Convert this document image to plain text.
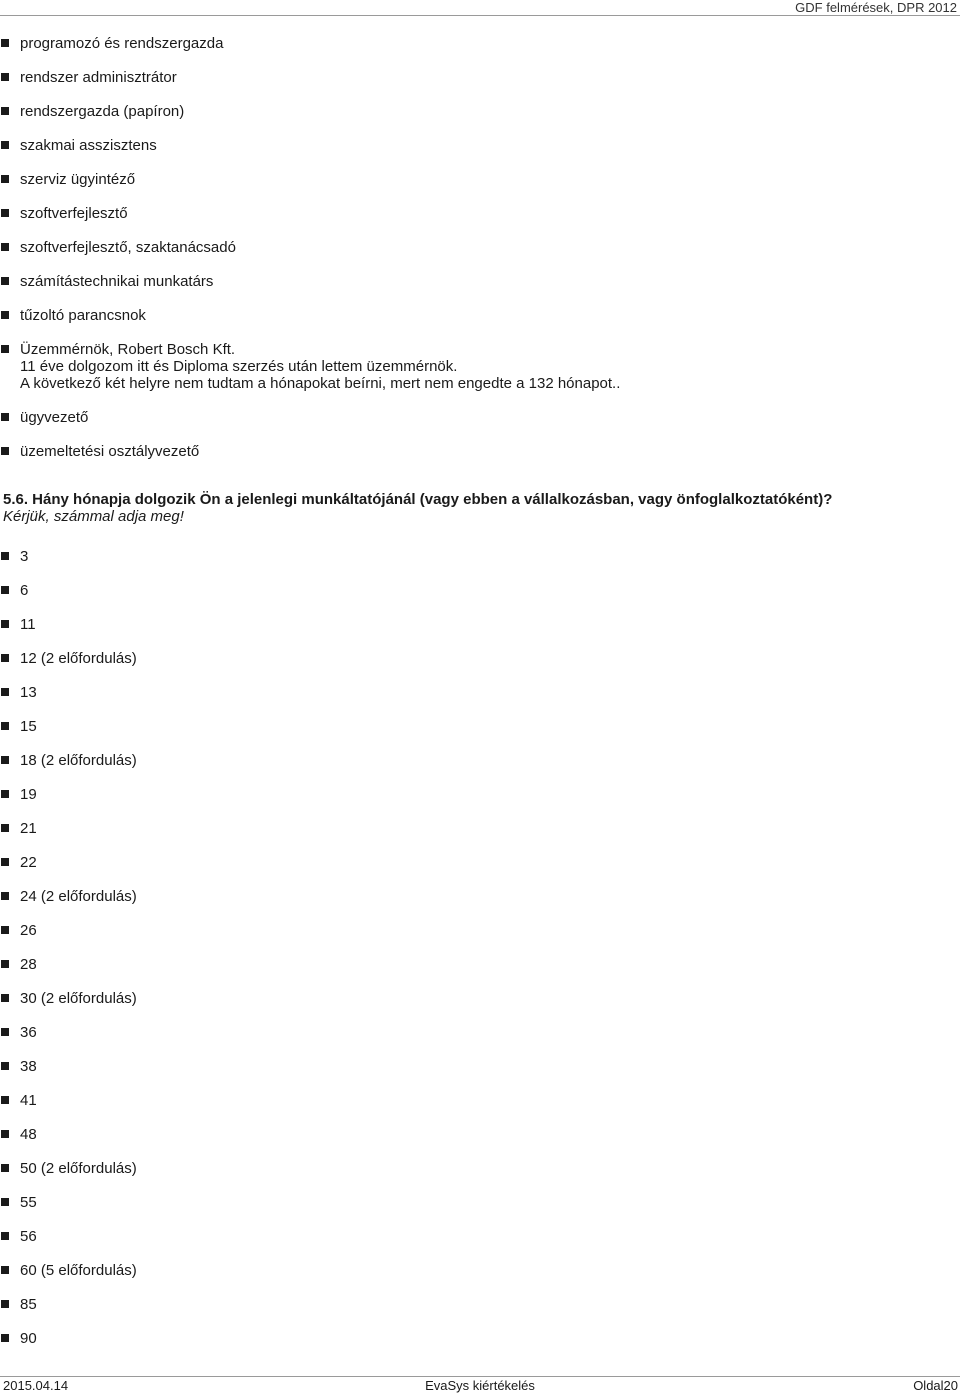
GDF felmérések, DPR 2012
programozó és rendszergazda
rendszer adminisztrátor
rendszergazda (papíron)
szakmai asszisztens
szerviz ügyintéző
szoftverfejlesztő
szoftverfejlesztő, szaktanácsadó
számítástechnikai munkatárs
tűzoltó parancsnok
Üzemmérnök, Robert Bosch Kft.
11 éve dolgozom itt és Diploma szerzés után lettem üzemmérnök.
A következő két helyre nem tudtam a hónapokat beírni, mert nem engedte a 132 hónapot..
ügyvezető
üzemeltetési osztályvezető
5.6. Hány hónapja dolgozik Ön a jelenlegi munkáltatójánál (vagy ebben a vállalkozásban, vagy önfoglalkoztatóként)?
Kérjük, számmal adja meg!
3
6
11
12 (2 előfordulás)
13
15
18 (2 előfordulás)
19
21
22
24 (2 előfordulás)
26
28
30 (2 előfordulás)
36
38
41
48
50 (2 előfordulás)
55
56
60 (5 előfordulás)
85
90
2015.04.14	EvaSys kiértékelés	Oldal20
